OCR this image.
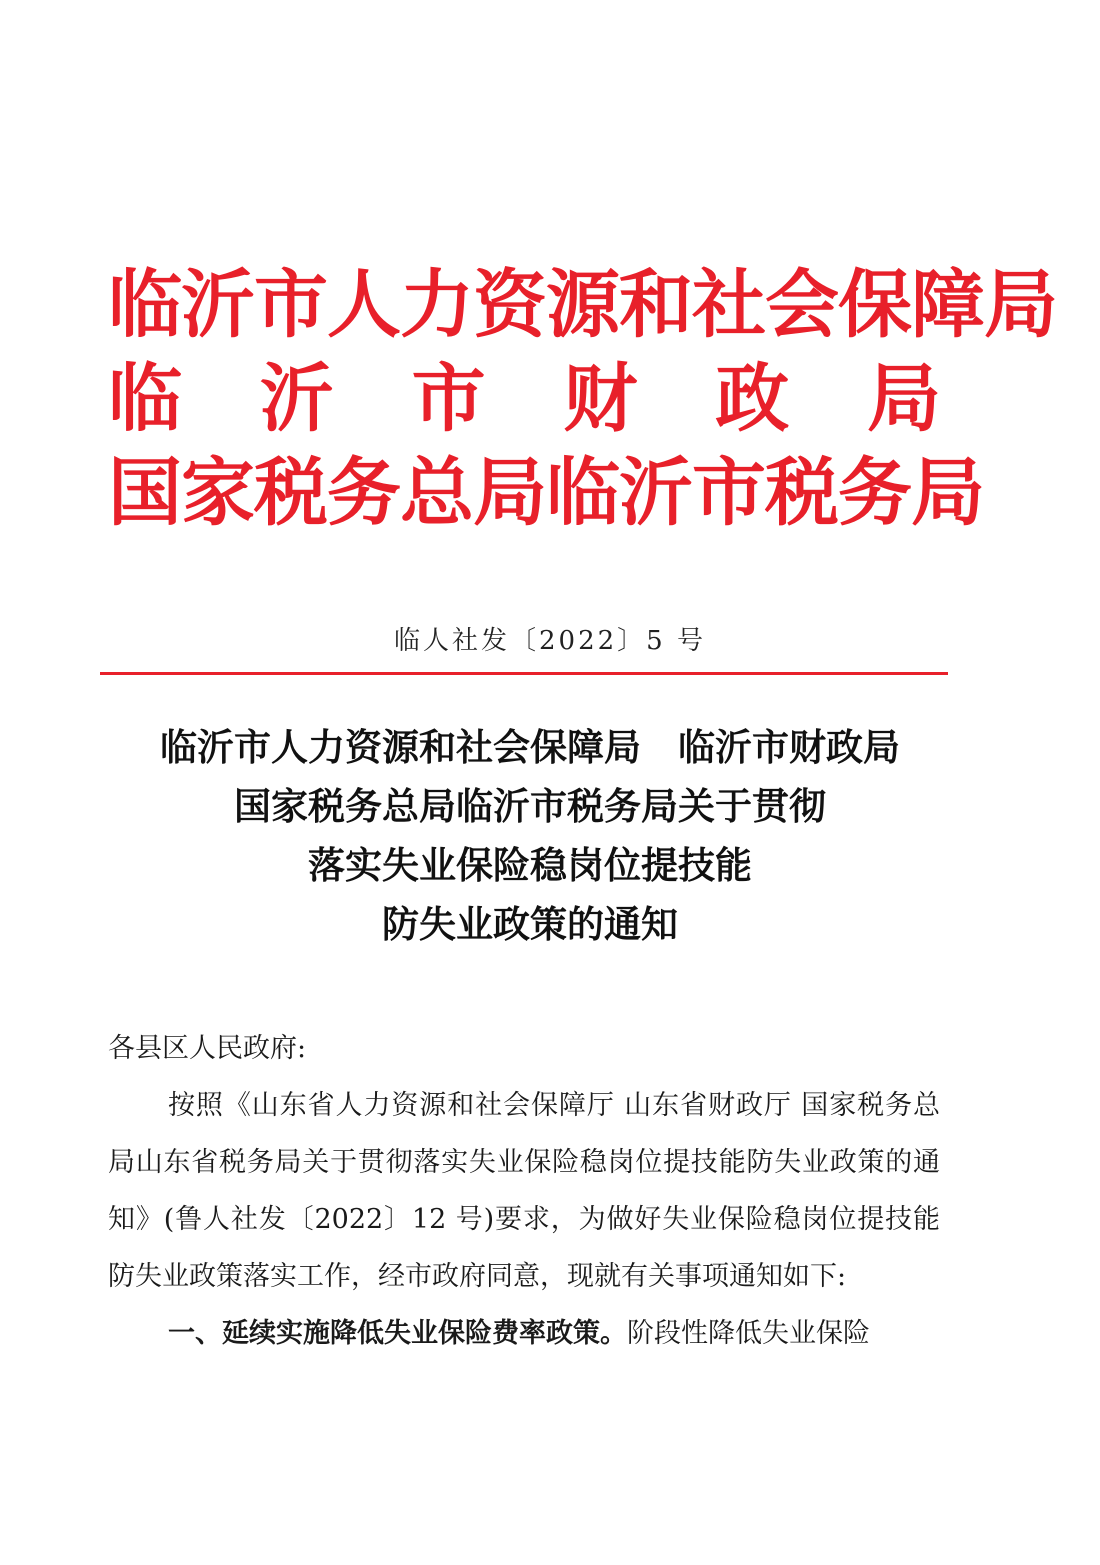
临沂市人力资源和社会保障局
临 沂 市 财 政 局
国家税务总局临沂市税务局
临人社发〔2022〕5 号
临沂市人力资源和社会保障局　临沂市财政局
国家税务总局临沂市税务局关于贯彻
落实失业保险稳岗位提技能
防失业政策的通知

各县区人民政府:

按照《山东省人力资源和社会保障厅 山东省财政厅 国家税务总局山东省税务局关于贯彻落实失业保险稳岗位提技能防失业政策的通知》(鲁人社发〔2022〕12 号)要求，为做好失业保险稳岗位提技能防失业政策落实工作，经市政府同意，现就有关事项通知如下:

一、延续实施降低失业保险费率政策。阶段性降低失业保险
